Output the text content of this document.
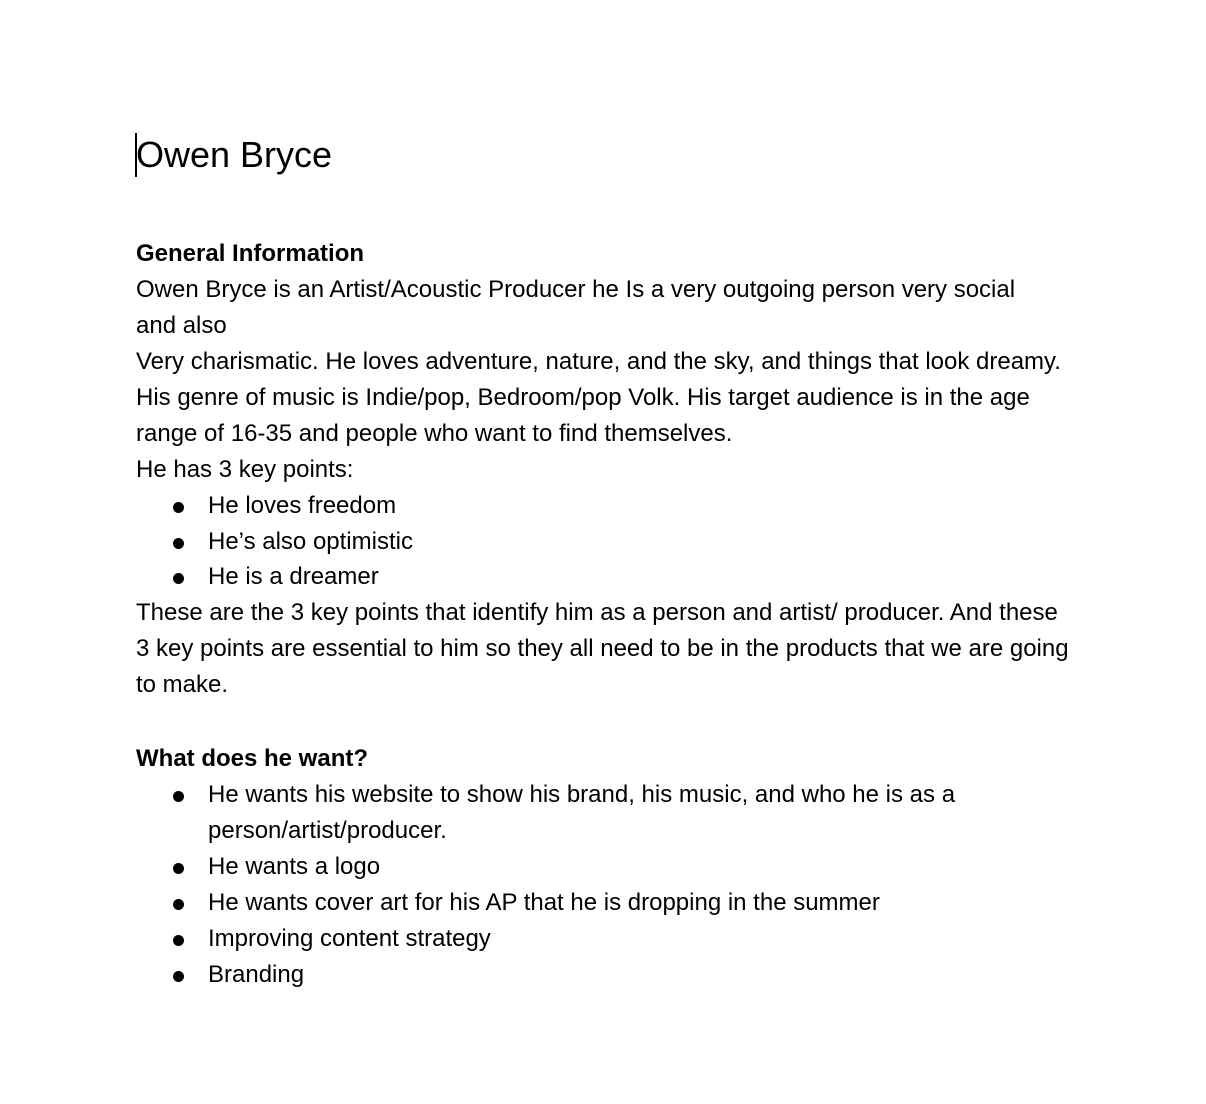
Owen Bryce

General Information

Owen Bryce is an Artist/Acoustic Producer he Is a very outgoing person very social and also

Very charismatic. He loves adventure, nature, and the sky, and things that look dreamy. His genre of music is Indie/pop, Bedroom/pop Volk. His target audience is in the age range of 16-35 and people who want to find themselves.

He has 3 key points:

He loves freedom
He’s also optimistic
He is a dreamer

These are the 3 key points that identify him as a person and artist/ producer. And these 3 key points are essential to him so they all need to be in the products that we are going to make.

What does he want?

He wants his website to show his brand, his music, and who he is as a person/artist/producer.
He wants a logo
He wants cover art for his AP that he is dropping in the summer
Improving content strategy
Branding
